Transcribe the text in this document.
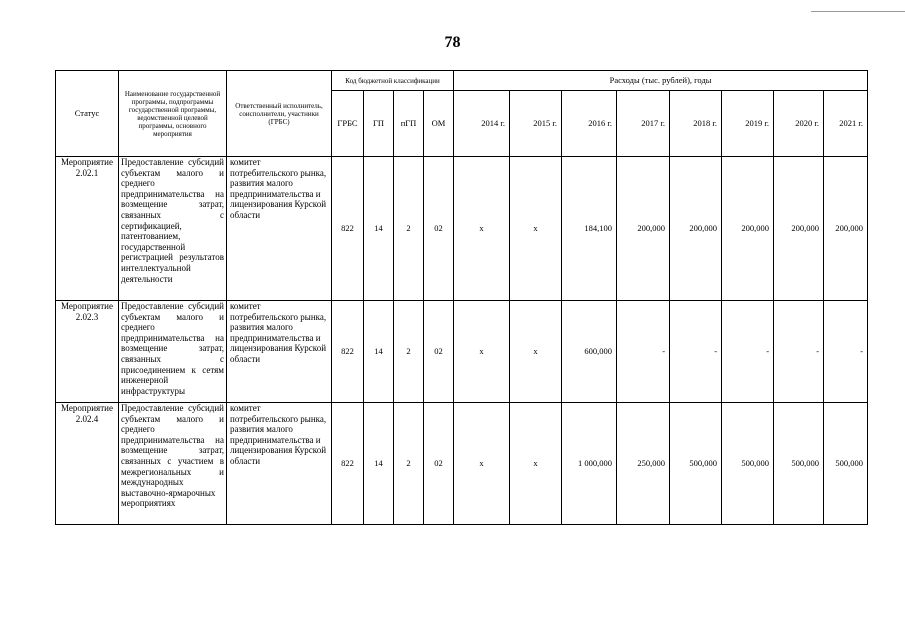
78
Статус	Наименование государственной программы, подпрограммы государственной программы, ведомственной целевой программы, основного мероприятия	Ответственный исполнитель, соисполнители, участники (ГРБС)	Код бюджетной классификации				Расходы (тыс. рублей), годы							
			ГРБС	ГП	пГП	ОМ	2014 г.	2015 г.	2016 г.	2017 г.	2018 г.	2019 г.	2020 г.	2021 г.
Мероприятие 2.02.1	Предоставление субсидий субъектам малого и среднего предпринимательства на возмещение затрат, связанных с сертификацией, патентованием, государственной регистрацией результатов интеллектуальной деятельности	комитет потребительского рынка, развития малого предпринимательства и лицензирования Курской области	822	14	2	02	x	x	184,100	200,000	200,000	200,000	200,000	200,000
Мероприятие 2.02.3	Предоставление субсидий субъектам малого и среднего предпринимательства на возмещение затрат, связанных с присоединением к сетям инженерной инфраструктуры	комитет потребительского рынка, развития малого предпринимательства и лицензирования Курской области	822	14	2	02	x	x	600,000	-	-	-	-	-
Мероприятие 2.02.4	Предоставление субсидий субъектам малого и среднего предпринимательства на возмещение затрат, связанных с участием в межрегиональных и международных выставочно-ярмарочных мероприятиях	комитет потребительского рынка, развития малого предпринимательства и лицензирования Курской области	822	14	2	02	x	x	1 000,000	250,000	500,000	500,000	500,000	500,000
